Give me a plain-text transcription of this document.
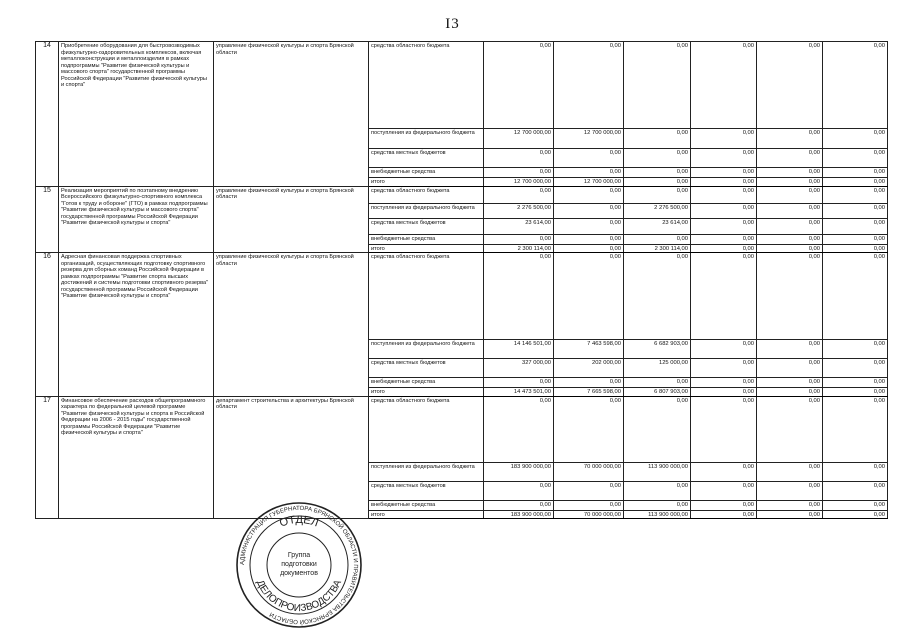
I3
14	Приобретение оборудования для быстровозводимых физкультурно-оздоровительных комплексов, включая металлоконструкции и металлоизделия в рамках подпрограммы "Развитие физической культуры и массового спорта" государственной программы Российской Федерации "Развитие физической культуры и спорта"	управление физической культуры и спорта Брянской области	средства областного бюджета	0,00	0,00	0,00	0,00	0,00	0,00
			поступления из федерального бюджета	12 700 000,00	12 700 000,00	0,00	0,00	0,00	0,00
			средства местных бюджетов	0,00	0,00	0,00	0,00	0,00	0,00
			внебюджетные средства	0,00	0,00	0,00	0,00	0,00	0,00
			итого	12 700 000,00	12 700 000,00	0,00	0,00	0,00	0,00
15	Реализация мероприятий по поэтапному внедрению Всероссийского физкультурно-спортивного комплекса "Готов к труду и обороне" (ГТО) в рамках подпрограммы "Развитие физической культуры и массового спорта" государственной программы Российской Федерации "Развитие физической культуры и спорта"	управление физической культуры и спорта Брянской области	средства областного бюджета	0,00	0,00	0,00	0,00	0,00	0,00
			поступления из федерального бюджета	2 276 500,00	0,00	2 276 500,00	0,00	0,00	0,00
			средства местных бюджетов	23 614,00	0,00	23 614,00	0,00	0,00	0,00
			внебюджетные средства	0,00	0,00	0,00	0,00	0,00	0,00
			итого	2 300 114,00	0,00	2 300 114,00	0,00	0,00	0,00
16	Адресная финансовая поддержка спортивных организаций, осуществляющих подготовку спортивного резерва для сборных команд Российской Федерации в рамках подпрограммы "Развитие спорта высших достижений и системы подготовки спортивного резерва" государственной программы Российской Федерации "Развитие физической культуры и спорта"	управление физической культуры и спорта Брянской области	средства областного бюджета	0,00	0,00	0,00	0,00	0,00	0,00
			поступления из федерального бюджета	14 146 501,00	7 463 598,00	6 682 903,00	0,00	0,00	0,00
			средства местных бюджетов	327 000,00	202 000,00	125 000,00	0,00	0,00	0,00
			внебюджетные средства	0,00	0,00	0,00	0,00	0,00	0,00
			итого	14 473 501,00	7 665 598,00	6 807 903,00	0,00	0,00	0,00
17	Финансовое обеспечение расходов общепрограммного характера по федеральной целевой программе "Развитие физической культуры и спорта в Российской Федерации на 2006 - 2015 годы" государственной программы Российской Федерации "Развитие физической культуры и спорта"	департамент строительства и архитектуры Брянской области	средства областного бюджета	0,00	0,00	0,00	0,00	0,00	0,00
			поступления из федерального бюджета	183 900 000,00	70 000 000,00	113 900 000,00	0,00	0,00	0,00
			средства местных бюджетов	0,00	0,00	0,00	0,00	0,00	0,00
			внебюджетные средства	0,00	0,00	0,00	0,00	0,00	0,00
			итого	183 900 000,00	70 000 000,00	113 900 000,00	0,00	0,00	0,00
АДМИНИСТРАЦИЯ ГУБЕРНАТОРА БРЯНСКОЙ ОБЛАСТИ И ПРАВИТЕЛЬСТВА БРЯНСКОЙ ОБЛАСТИ
ОТДЕЛ
ДЕЛОПРОИЗВОДСТВА
Группа
подготовки
документов
